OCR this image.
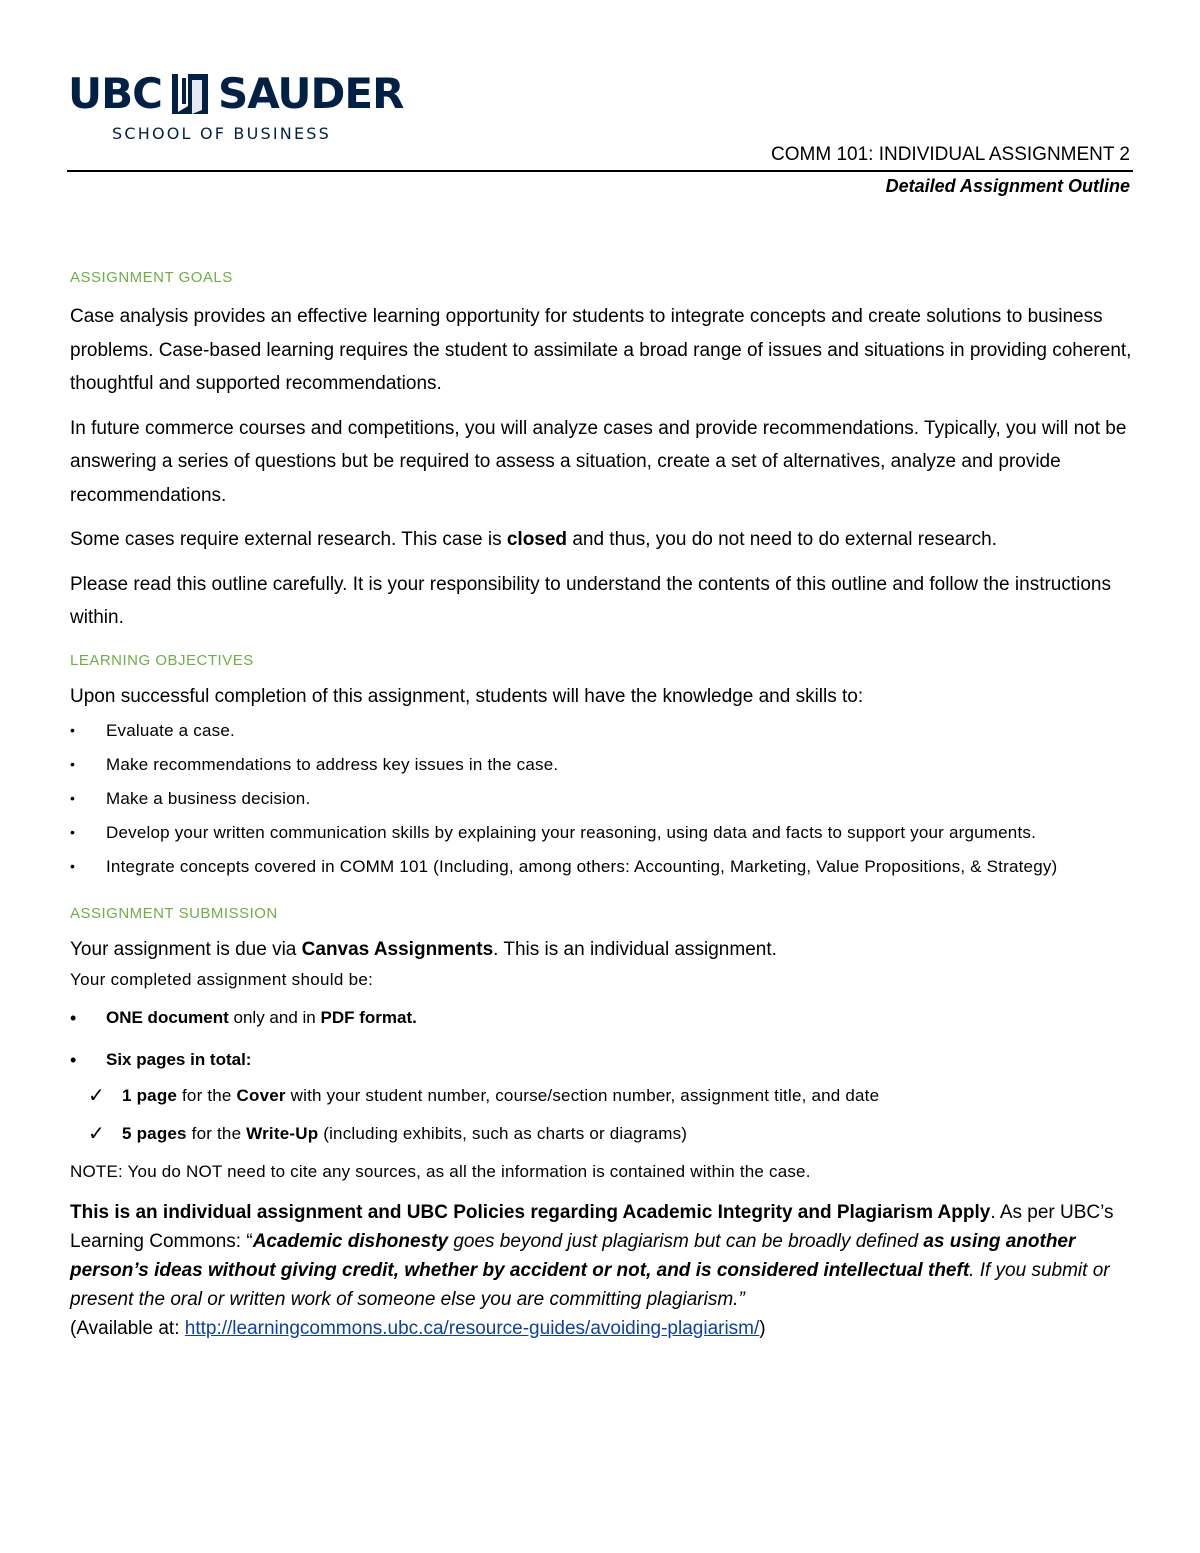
UBC SAUDER
SCHOOL OF BUSINESS
COMM 101: INDIVIDUAL ASSIGNMENT 2
Detailed Assignment Outline
ASSIGNMENT GOALS

Case analysis provides an effective learning opportunity for students to integrate concepts and create solutions to business problems. Case-based learning requires the student to assimilate a broad range of issues and situations in providing coherent, thoughtful and supported recommendations.

In future commerce courses and competitions, you will analyze cases and provide recommendations. Typically, you will not be answering a series of questions but be required to assess a situation, create a set of alternatives, analyze and provide recommendations.

Some cases require external research. This case is closed and thus, you do not need to do external research.

Please read this outline carefully. It is your responsibility to understand the contents of this outline and follow the instructions within.

LEARNING OBJECTIVES

Upon successful completion of this assignment, students will have the knowledge and skills to:

• Evaluate a case.
• Make recommendations to address key issues in the case.
• Make a business decision.
• Develop your written communication skills by explaining your reasoning, using data and facts to support your arguments.
• Integrate concepts covered in COMM 101 (Including, among others: Accounting, Marketing, Value Propositions, & Strategy)
ASSIGNMENT SUBMISSION

Your assignment is due via Canvas Assignments. This is an individual assignment.

Your completed assignment should be:

• ONE document only and in PDF format.
• Six pages in total:
✓ 1 page for the Cover with your student number, course/section number, assignment title, and date
✓ 5 pages for the Write-Up (including exhibits, such as charts or diagrams)

NOTE: You do NOT need to cite any sources, as all the information is contained within the case.

This is an individual assignment and UBC Policies regarding Academic Integrity and Plagiarism Apply. As per UBC’s Learning Commons: “Academic dishonesty goes beyond just plagiarism but can be broadly defined as using another person’s ideas without giving credit, whether by accident or not, and is considered intellectual theft. If you submit or present the oral or written work of someone else you are committing plagiarism.”
(Available at: http://learningcommons.ubc.ca/resource-guides/avoiding-plagiarism/)
